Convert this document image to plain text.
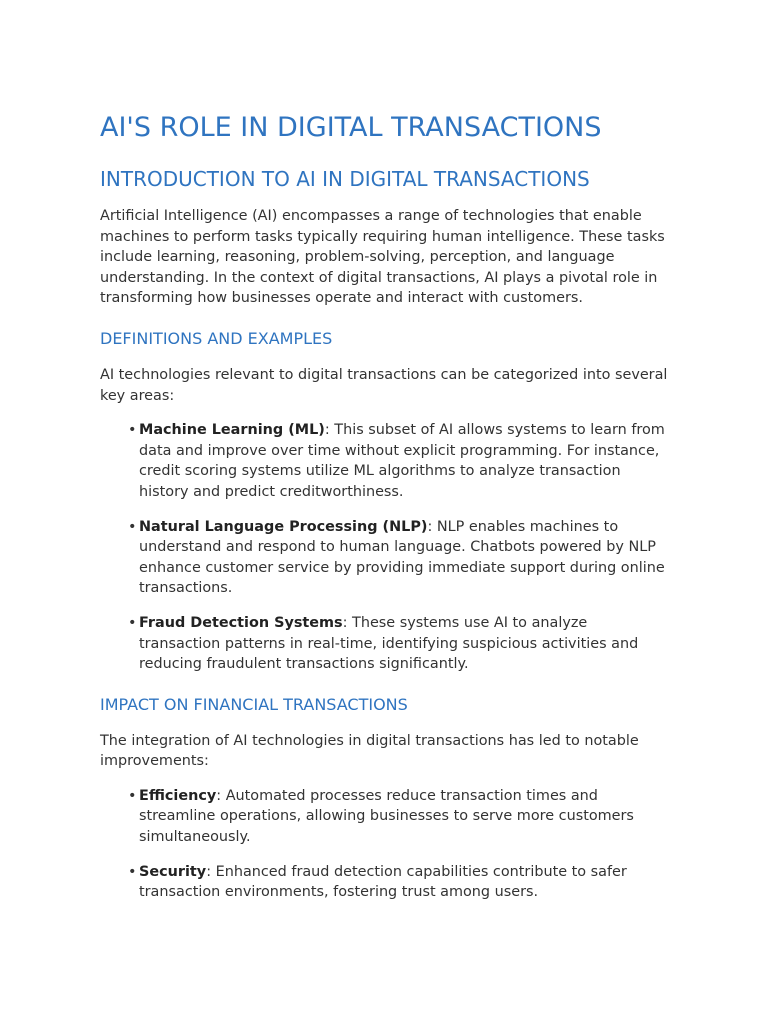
AI'S ROLE IN DIGITAL TRANSACTIONS
INTRODUCTION TO AI IN DIGITAL TRANSACTIONS

Artificial Intelligence (AI) encompasses a range of technologies that enable machines to perform tasks typically requiring human intelligence. These tasks include learning, reasoning, problem-solving, perception, and language understanding. In the context of digital transactions, AI plays a pivotal role in transforming how businesses operate and interact with customers.

DEFINITIONS AND EXAMPLES

AI technologies relevant to digital transactions can be categorized into several key areas:

• Machine Learning (ML): This subset of AI allows systems to learn from data and improve over time without explicit programming. For instance, credit scoring systems utilize ML algorithms to analyze transaction history and predict creditworthiness.
• Natural Language Processing (NLP): NLP enables machines to understand and respond to human language. Chatbots powered by NLP enhance customer service by providing immediate support during online transactions.
• Fraud Detection Systems: These systems use AI to analyze transaction patterns in real-time, identifying suspicious activities and reducing fraudulent transactions significantly.
IMPACT ON FINANCIAL TRANSACTIONS

The integration of AI technologies in digital transactions has led to notable improvements:

• Efficiency: Automated processes reduce transaction times and streamline operations, allowing businesses to serve more customers simultaneously.
• Security: Enhanced fraud detection capabilities contribute to safer transaction environments, fostering trust among users.
